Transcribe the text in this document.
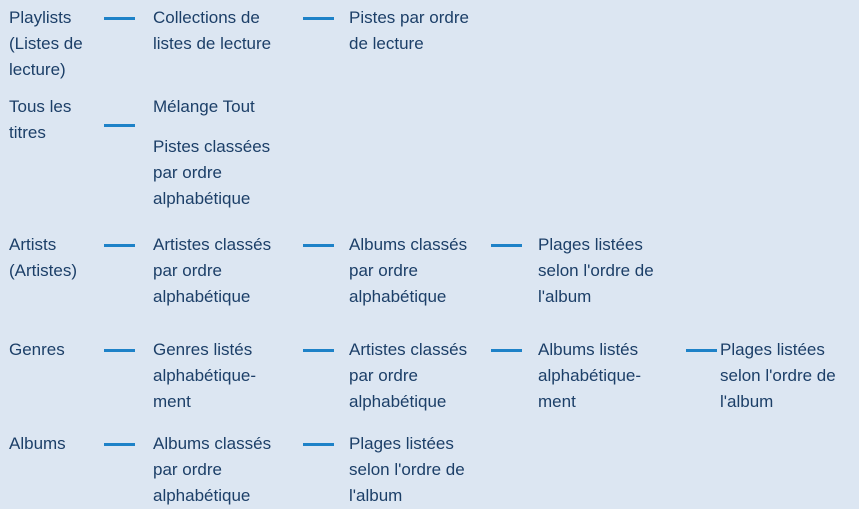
Playlists
(Listes de
lecture)
Collections de
listes de lecture
Pistes par ordre
de lecture
Tous les
titres
Mélange Tout
Pistes classées
par ordre
alphabétique
Artists
(Artistes)
Artistes classés
par ordre
alphabétique
Albums classés
par ordre
alphabétique
Plages listées
selon l'ordre de
l'album
Genres	Genres listés
alphabétique-
ment
Artistes classés
par ordre
alphabétique
Albums listés
alphabétique-
ment
Plages listées
selon l'ordre de
l'album
Albums	Albums classés
par ordre
alphabétique
Plages listées
selon l'ordre de
l'album
